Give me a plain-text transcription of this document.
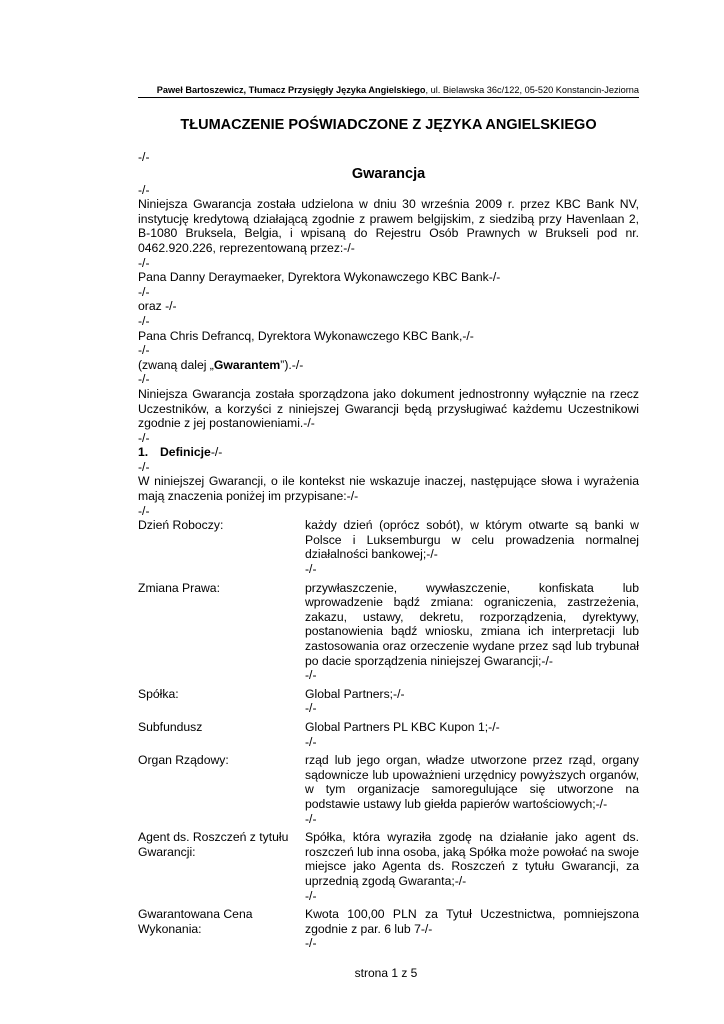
Paweł Bartoszewicz, Tłumacz Przysięgły Języka Angielskiego, ul. Bielawska 36c/122, 05-520 Konstancin-Jeziorna
TŁUMACZENIE POŚWIADCZONE Z JĘZYKA ANGIELSKIEGO

-/-

Gwarancja

-/-

Niniejsza Gwarancja została udzielona w dniu 30 września 2009 r. przez KBC Bank NV, instytucję kredytową działającą zgodnie z prawem belgijskim, z siedzibą przy Havenlaan 2, B-1080 Bruksela, Belgia, i wpisaną do Rejestru Osób Prawnych w Brukseli pod nr. 0462.920.226, reprezentowaną przez:-/-

-/-

Pana Danny Deraymaeker, Dyrektora Wykonawczego KBC Bank-/-

-/-

oraz -/-

-/-

Pana Chris Defrancq, Dyrektora Wykonawczego KBC Bank,-/-

-/-

(zwaną dalej „Gwarantem”).-/-

-/-

Niniejsza Gwarancja została sporządzona jako dokument jednostronny wyłącznie na rzecz Uczestników, a korzyści z niniejszej Gwarancji będą przysługiwać każdemu Uczestnikowi zgodnie z jej postanowieniami.-/-

-/-

1. Definicje-/-

-/-

W niniejszej Gwarancji, o ile kontekst nie wskazuje inaczej, następujące słowa i wyrażenia mają znaczenia poniżej im przypisane:-/-

-/-

Dzień Roboczy:	każdy dzień (oprócz sobót), w którym otwarte są banki w Polsce i Luksemburgu w celu prowadzenia normalnej działalności bankowej;-/-
-/-
Zmiana Prawa:	przywłaszczenie, wywłaszczenie, konfiskata lub wprowadzenie bądź zmiana: ograniczenia, zastrzeżenia, zakazu, ustawy, dekretu, rozporządzenia, dyrektywy, postanowienia bądź wniosku, zmiana ich interpretacji lub zastosowania oraz orzeczenie wydane przez sąd lub trybunał po dacie sporządzenia niniejszej Gwarancji;-/-
-/-
Spółka:	Global Partners;-/-
-/-
Subfundusz	Global Partners PL KBC Kupon 1;-/-
-/-
Organ Rządowy:	rząd lub jego organ, władze utworzone przez rząd, organy sądownicze lub upoważnieni urzędnicy powyższych organów, w tym organizacje samoregulujące się utworzone na podstawie ustawy lub giełda papierów wartościowych;-/-
-/-
Agent ds. Roszczeń z tytułu Gwarancji:
Spółka, która wyraziła zgodę na działanie jako agent ds. roszczeń lub inna osoba, jaką Spółka może powołać na swoje miejsce jako Agenta ds. Roszczeń z tytułu Gwarancji, za uprzednią zgodą Gwaranta;-/-
-/-
Gwarantowana Cena Wykonania:
Kwota 100,00 PLN za Tytuł Uczestnictwa, pomniejszona zgodnie z par. 6 lub 7-/-
-/-
strona 1 z 5
